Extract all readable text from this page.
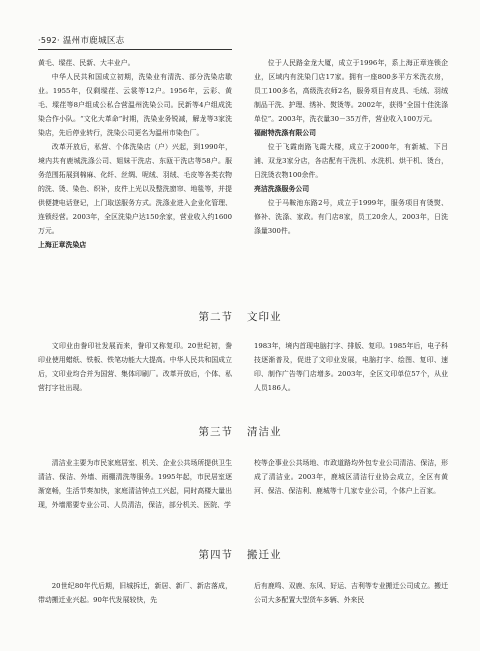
·592· 温州市鹿城区志

黄毛、墚荏、民新、大丰业户。

中华人民共和国成立初期，洗染业有清洗、部分洗染店歇业。1955年，仅剩墚荏、云裳等12户。1956年，云彩、黄毛、墚荏等8户组成公私合营温州洗染公司。民新等4户组成洗染合作小队。“文化大革命”时期，洗染业务锐减，解龙等3家洗染店，先后停业转行，洗染公司更名为温州市染色厂。

改革开放后，私营、个体洗染店（户）兴起，到1990年，境内共有鹿城洗涤公司、姐妹干洗店、东瓯干洗店等58户。服务范围拓展到棉麻、化纤、丝绸、呢绒、羽绒、毛皮等各类衣物的洗、烫、染色、织补，皮件上光以及整洗窗帘、地毯等，并提供便捷电话登记，上门取送服务方式。洗涤业进入企业化管理、连锁经营。2003年，全区洗染户达150余家，营业收入约1600万元。

上海正章洗染店

位于人民路金龙大厦，成立于1996年，系上海正章连锁企业，区域内有洗染门店17家。拥有一座800多平方米洗衣房，员工100多名，高级洗衣师2名，服务项目有皮具、毛绒、羽绒制品干洗、护理、绣补、熨烫等。2002年，获得“全国十佳洗涤单位”。2003年，洗衣量30－35万件，营业收入100万元。

福耐特洗涤有限公司

位于飞霞南路飞霞大楼，成立于2000年，有新城、下吕浦、双龙3家分店，各店配有干洗机、水洗机、烘干机、烫台，日洗烫衣物100余件。

亮洁洗涤服务公司

位于马鞍池东路2号，成立于1999年，服务项目有烫熨、修补、洗涤、家政。有门店8家，员工20余人，2003年，日洗涤量300件。

第二节 文印业

文印业由誊印社发展而来，誊印又称复印。20世纪初，誊印业使用蜡纸、铁板、铁笔功能大大提高。中华人民共和国成立后，文印业均合并为国营、集体印刷厂。改革开放后，个体、私营打字社出现。

1983年，境内首现电脑打字、排版、复印。1985年后，电子科技逐渐普及，促进了文印业发展，电脑打字、绘图、复印、速印、制作广告等门店增多。2003年，全区文印单位57个，从业人员186人。

第三节 清洁业

清洁业主要为市民家庭居室、机关、企业公共场所提供卫生清洁、保洁、外墙、雨棚清洗等服务。1995年起，市民居室逐渐宽畅，生活节奏加快，家庭清洁钟点工兴起，同时高楼大量出现，外墙需要专业公司、人员清洁，保洁，部分机关、医院、学

校等企事业公共场地、市政道路均外包专业公司清洁、保洁，形成了清洁业。2003年，鹿城区清洁行业协会成立，全区有黄河、保洁、保洁利、鹿城等十几家专业公司，个体户上百家。

第四节 搬迁业

20世纪80年代后期，旧城拆迁，新居、新厂、新店落成，带动搬迁业兴起。90年代发展较快，先

后有鹿鸣、双鹿、东风、好运、吉利等专业搬迁公司成立。搬迁公司大多配置大型货车多辆、外来民
